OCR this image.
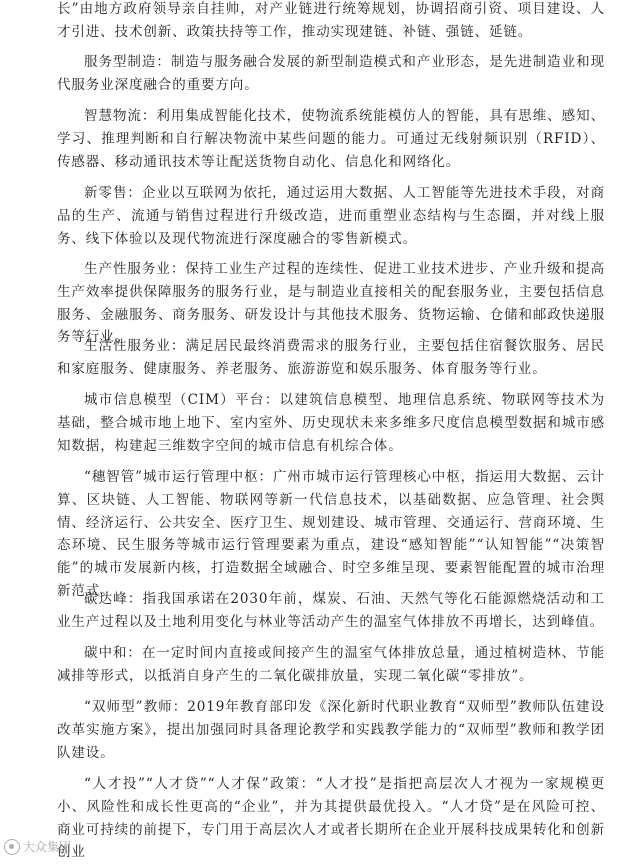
长”由地方政府领导亲自挂帅，对产业链进行统筹规划，协调招商引资、项目建设、人才引进、技术创新、政策扶持等工作，推动实现建链、补链、强链、延链。

服务型制造：制造与服务融合发展的新型制造模式和产业形态，是先进制造业和现代服务业深度融合的重要方向。

智慧物流：利用集成智能化技术，使物流系统能模仿人的智能，具有思维、感知、学习、推理判断和自行解决物流中某些问题的能力。可通过无线射频识别（RFID）、传感器、移动通讯技术等让配送货物自动化、信息化和网络化。

新零售：企业以互联网为依托，通过运用大数据、人工智能等先进技术手段，对商品的生产、流通与销售过程进行升级改造，进而重塑业态结构与生态圈，并对线上服务、线下体验以及现代物流进行深度融合的零售新模式。

生产性服务业：保持工业生产过程的连续性、促进工业技术进步、产业升级和提高生产效率提供保障服务的服务行业，是与制造业直接相关的配套服务业，主要包括信息服务、金融服务、商务服务、研发设计与其他技术服务、货物运输、仓储和邮政快递服务等行业。

生活性服务业：满足居民最终消费需求的服务行业，主要包括住宿餐饮服务、居民和家庭服务、健康服务、养老服务、旅游游览和娱乐服务、体育服务等行业。

城市信息模型（CIM）平台：以建筑信息模型、地理信息系统、物联网等技术为基础，整合城市地上地下、室内室外、历史现状未来多维多尺度信息模型数据和城市感知数据，构建起三维数字空间的城市信息有机综合体。

“穗智管”城市运行管理中枢：广州市城市运行管理核心中枢，指运用大数据、云计算、区块链、人工智能、物联网等新一代信息技术，以基础数据、应急管理、社会舆情、经济运行、公共安全、医疗卫生、规划建设、城市管理、交通运行、营商环境、生态环境、民生服务等城市运行管理要素为重点，建设“感知智能”“认知智能”“决策智能”的城市发展新内核，打造数据全域融合、时空多维呈现、要素智能配置的城市治理新范式。

碳达峰：指我国承诺在2030年前，煤炭、石油、天然气等化石能源燃烧活动和工业生产过程以及土地利用变化与林业等活动产生的温室气体排放不再增长，达到峰值。

碳中和：在一定时间内直接或间接产生的温室气体排放总量，通过植树造林、节能减排等形式，以抵消自身产生的二氧化碳排放量，实现二氧化碳“零排放”。

“双师型”教师：2019年教育部印发《深化新时代职业教育“双师型”教师队伍建设改革实施方案》，提出加强同时具备理论教学和实践教学能力的“双师型”教师和教学团队建设。

“人才投”“人才贷”“人才保”政策：“人才投”是指把高层次人才视为一家规模更小、风险性和成长性更高的“企业”，并为其提供最优投入。“人才贷”是在风险可控、商业可持续的前提下，专门用于高层次人才或者长期所在企业开展科技成果转化和创新创业

大众集团
